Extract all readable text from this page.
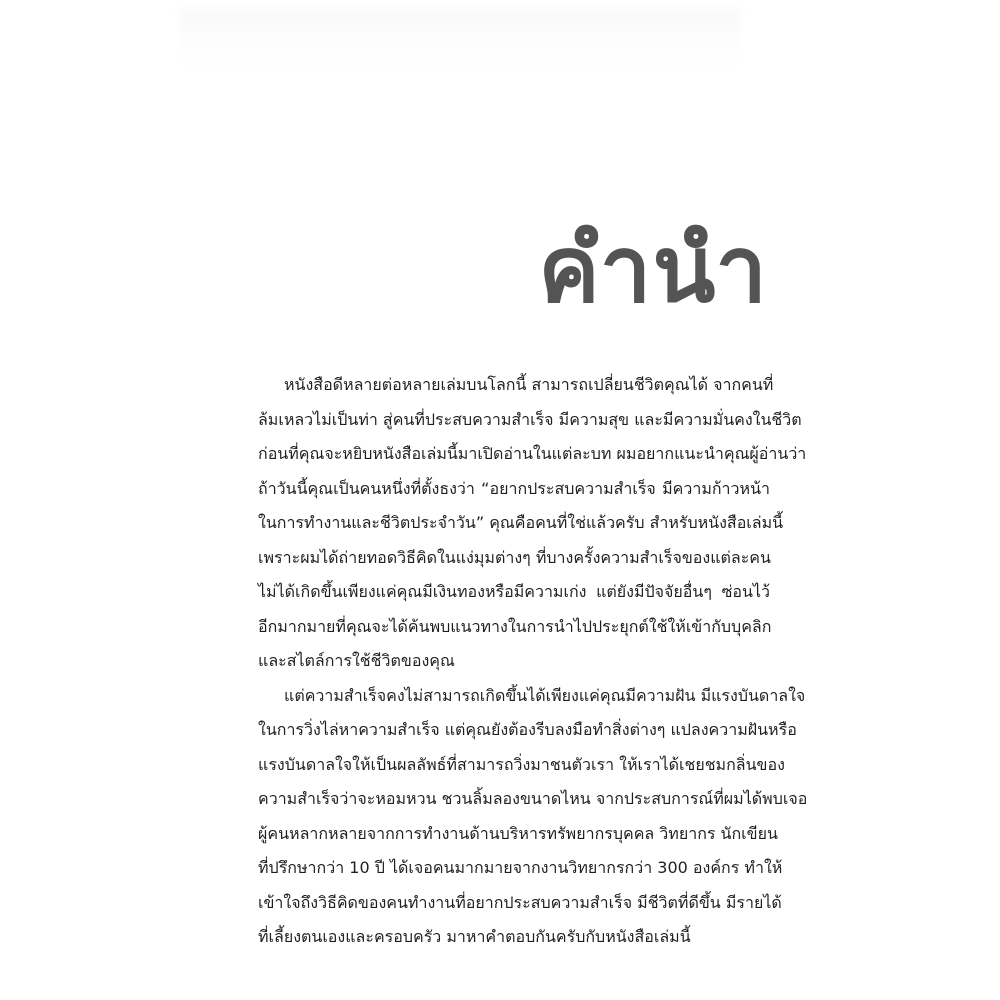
คำนำ
หนังสือดีหลายต่อหลายเล่มบนโลกนี้ สามารถเปลี่ยนชีวิตคุณได้ จากคนที่
ล้มเหลวไม่เป็นท่า สู่คนที่ประสบความสำเร็จ มีความสุข และมีความมั่นคงในชีวิต
ก่อนที่คุณจะหยิบหนังสือเล่มนี้มาเปิดอ่านในแต่ละบท ผมอยากแนะนำคุณผู้อ่านว่า
ถ้าวันนี้คุณเป็นคนหนึ่งที่ตั้งธงว่า “อยากประสบความสำเร็จ มีความก้าวหน้า
ในการทำงานและชีวิตประจำวัน” คุณคือคนที่ใช่แล้วครับ สำหรับหนังสือเล่มนี้
เพราะผมได้ถ่ายทอดวิธีคิดในแง่มุมต่างๆ ที่บางครั้งความสำเร็จของแต่ละคน
ไม่ได้เกิดขึ้นเพียงแค่คุณมีเงินทองหรือมีความเก่ง แต่ยังมีปัจจัยอื่นๆ ซ่อนไว้
อีกมากมายที่คุณจะได้ค้นพบแนวทางในการนำไปประยุกต์ใช้ให้เข้ากับบุคลิก
และสไตล์การใช้ชีวิตของคุณ
แต่ความสำเร็จคงไม่สามารถเกิดขึ้นได้เพียงแค่คุณมีความฝัน มีแรงบันดาลใจ
ในการวิ่งไล่หาความสำเร็จ แต่คุณยังต้องรีบลงมือทำสิ่งต่างๆ แปลงความฝันหรือ
แรงบันดาลใจให้เป็นผลลัพธ์ที่สามารถวิ่งมาชนตัวเรา ให้เราได้เชยชมกลิ่นของ
ความสำเร็จว่าจะหอมหวน ชวนลิ้มลองขนาดไหน จากประสบการณ์ที่ผมได้พบเจอ
ผู้คนหลากหลายจากการทำงานด้านบริหารทรัพยากรบุคคล วิทยากร นักเขียน
ที่ปรึกษากว่า 10 ปี ได้เจอคนมากมายจากงานวิทยากรกว่า 300 องค์กร ทำให้
เข้าใจถึงวิธีคิดของคนทำงานที่อยากประสบความสำเร็จ มีชีวิตที่ดีขึ้น มีรายได้
ที่เลี้ยงตนเองและครอบครัว มาหาคำตอบกันครับกับหนังสือเล่มนี้
